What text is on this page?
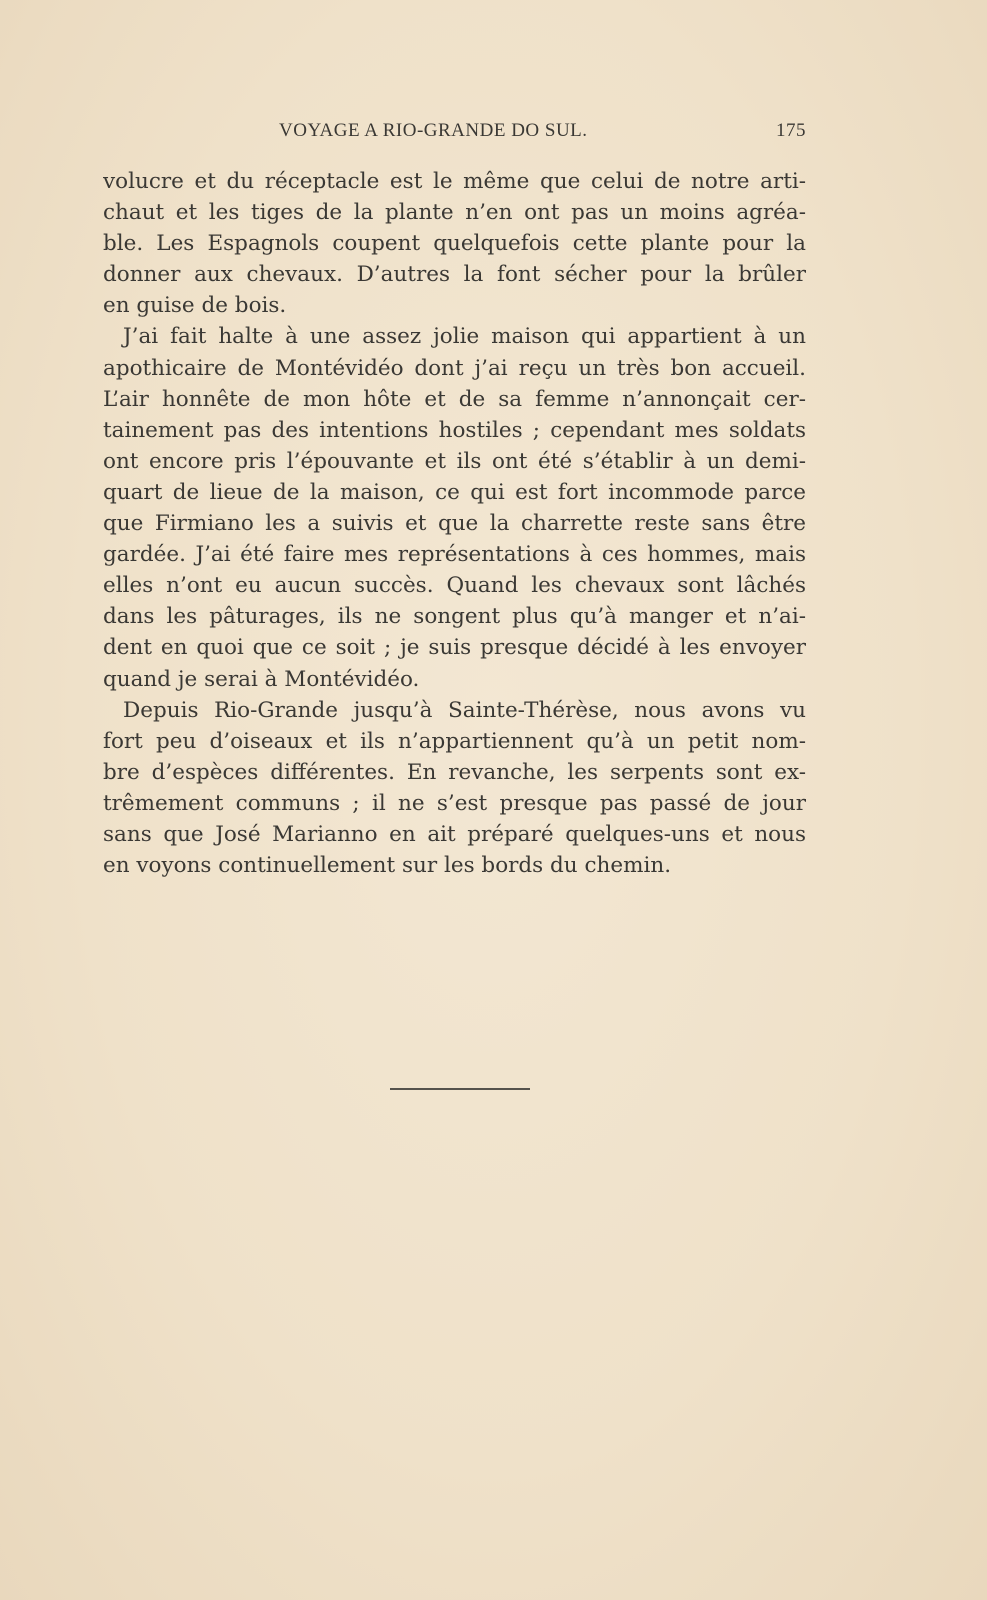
VOYAGE A RIO-GRANDE DO SUL.	175
volucre et du réceptacle est le même que celui de notre arti-
chaut et les tiges de la plante n’en ont pas un moins agréa-
ble. Les Espagnols coupent quelquefois cette plante pour la
donner aux chevaux. D’autres la font sécher pour la brûler
en guise de bois.
J’ai fait halte à une assez jolie maison qui appartient à un
apothicaire de Montévidéo dont j’ai reçu un très bon accueil.
L’air honnête de mon hôte et de sa femme n’annonçait cer-
tainement pas des intentions hostiles ; cependant mes soldats
ont encore pris l’épouvante et ils ont été s’établir à un demi-
quart de lieue de la maison, ce qui est fort incommode parce
que Firmiano les a suivis et que la charrette reste sans être
gardée. J’ai été faire mes représentations à ces hommes, mais
elles n’ont eu aucun succès. Quand les chevaux sont lâchés
dans les pâturages, ils ne songent plus qu’à manger et n’ai-
dent en quoi que ce soit ; je suis presque décidé à les envoyer
quand je serai à Montévidéo.
Depuis Rio-Grande jusqu’à Sainte-Thérèse, nous avons vu
fort peu d’oiseaux et ils n’appartiennent qu’à un petit nom-
bre d’espèces différentes. En revanche, les serpents sont ex-
trêmement communs ; il ne s’est presque pas passé de jour
sans que José Marianno en ait préparé quelques-uns et nous
en voyons continuellement sur les bords du chemin.
